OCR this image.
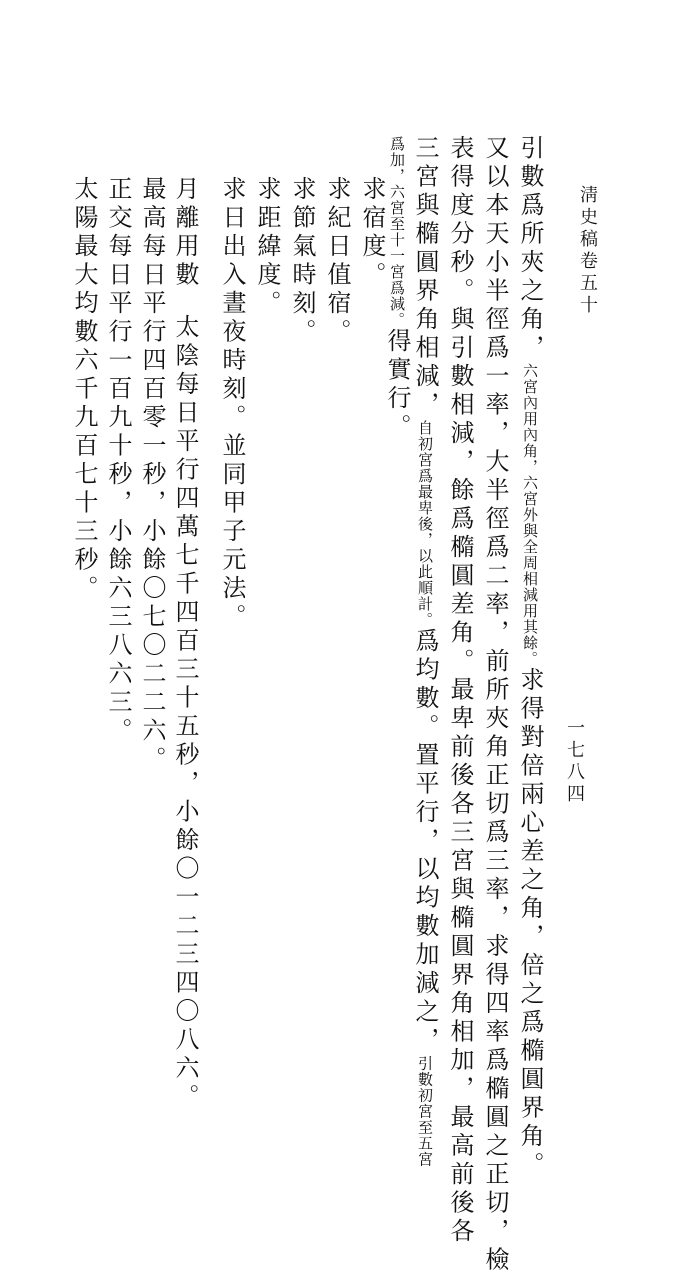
淸史稿卷五十
一七八四
引數爲所夾之角，六宮內用內角，六宮外與全周相減用其餘。求得對倍兩心差之角，倍之爲橢圓界角。
又以本天小半徑爲一率，大半徑爲二率，前所夾角正切爲三率，求得四率爲橢圓之正切，檢
表得度分秒。與引數相減，餘爲橢圓差角。最卑前後各三宮與橢圓界角相加，最高前後各
三宮與橢圓界角相減，自初宮爲最卑後，以此順計。爲均數。置平行，以均數加減之，引數初宮至五宮
爲加，六宮至十一宮爲減。得實行。
求宿度。
求紀日值宿。
求節氣時刻。
求距緯度。
求日出入晝夜時刻。並同甲子元法。
月離用數太陰每日平行四萬七千四百三十五秒，小餘〇一二三四〇八六。
最高每日平行四百零一秒，小餘〇七〇二二六。
正交每日平行一百九十秒，小餘六三八六三。
太陽最大均數六千九百七十三秒。
